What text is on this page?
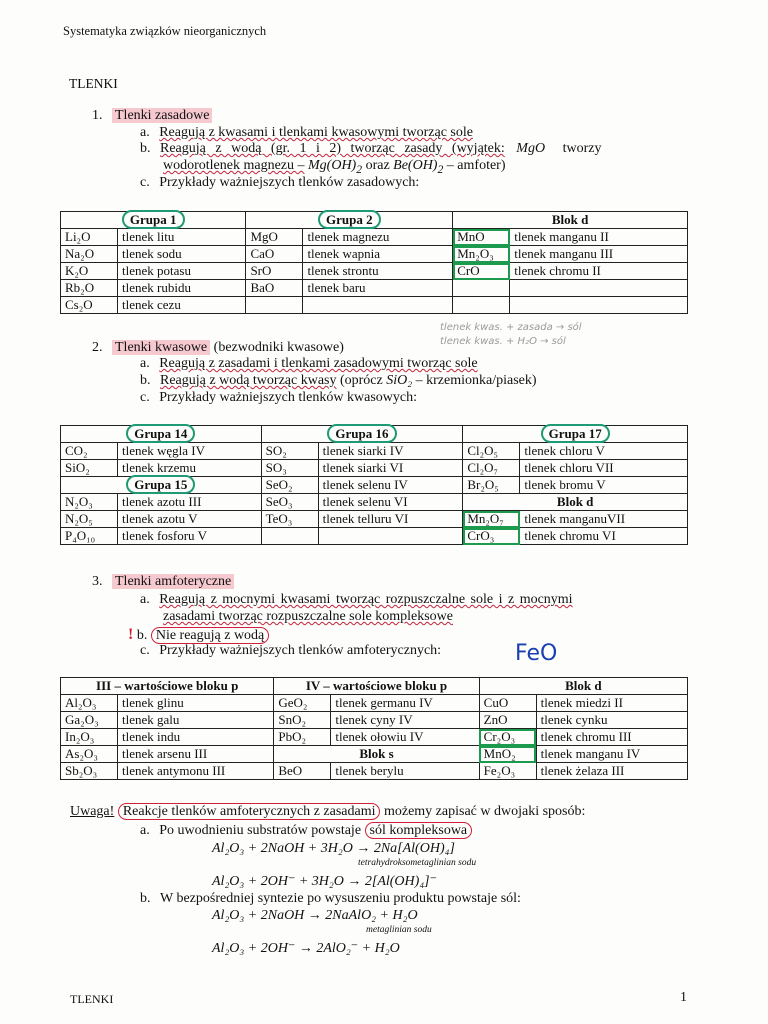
Systematyka związków nieorganicznych
TLENKI
1. Tlenki zasadowe
a. Reagują z kwasami i tlenkami kwasowymi tworząc sole
b. Reagują z wodą (gr. 1 i 2) tworząc zasady (wyjątek: MgO tworzy
wodorotlenek magnezu – $Mg(OH)_2$ oraz $Be(OH)_2$ – amfoter)
c. Przykłady ważniejszych tlenków zasadowych:
Grupa 1		Grupa 2		Blok d	
Li₂O	tlenek litu	MgO	tlenek magnezu	MnO	tlenek manganu II
Na₂O	tlenek sodu	CaO	tlenek wapnia	Mn₂O₃	tlenek manganu III
K₂O	tlenek potasu	SrO	tlenek strontu	CrO	tlenek chromu II
Rb₂O	tlenek rubidu	BaO	tlenek baru		
Cs₂O	tlenek cezu				
tlenek kwas. + zasada → sól
tlenek kwas. + H₂O → sól
2. Tlenki kwasowe (bezwodniki kwasowe)
a. Reagują z zasadami i tlenkami zasadowymi tworząc sole
b. Reagują z wodą tworząc kwasy (oprócz SiO₂ – krzemionka/piasek)
c. Przykłady ważniejszych tlenków kwasowych:
Grupa 14		Grupa 16		Grupa 17	
CO₂	tlenek węgla IV	SO₂	tlenek siarki IV	Cl₂O₅	tlenek chloru V
SiO₂	tlenek krzemu	SO₃	tlenek siarki VI	Cl₂O₇	tlenek chloru VII
Grupa 15		SeO₂	tlenek selenu IV	Br₂O₅	tlenek bromu V
N₂O₃	tlenek azotu III	SeO₃	tlenek selenu VI	Blok d	
N₂O₅	tlenek azotu V	TeO₃	tlenek telluru VI	Mn₂O₇	tlenek manganuVII
P₄O₁₀	tlenek fosforu V			CrO₃	tlenek chromu VI
3. Tlenki amfoteryczne
a. Reagują z mocnymi kwasami tworząc rozpuszczalne sole i z mocnymi
zasadami tworząc rozpuszczalne sole kompleksowe
! b. Nie reagują z wodą
c. Przykłady ważniejszych tlenków amfoterycznych:	FeO
III – wartościowe bloku p		IV – wartościowe bloku p		Blok d	
Al₂O₃	tlenek glinu	GeO₂	tlenek germanu IV	CuO	tlenek miedzi II
Ga₂O₃	tlenek galu	SnO₂	tlenek cyny IV	ZnO	tlenek cynku
In₂O₃	tlenek indu	PbO₂	tlenek ołowiu IV	Cr₂O₃	tlenek chromu III
As₂O₃	tlenek arsenu III	Blok s		MnO₂	tlenek manganu IV
Sb₂O₃	tlenek antymonu III	BeO	tlenek berylu	Fe₂O₃	tlenek żelaza III
Uwaga! Reakcje tlenków amfoterycznych z zasadami możemy zapisać w dwojaki sposób:
a. Po uwodnieniu substratów powstaje sól kompleksowa
Al₂O₃ + 2NaOH + 3H₂O → 2Na[Al(OH)₄]
tetrahydroksometaglinian sodu
Al₂O₃ + 2OH⁻ + 3H₂O → 2[Al(OH)₄]⁻
b. W bezpośredniej syntezie po wysuszeniu produktu powstaje sól:
Al₂O₃ + 2NaOH → 2NaAlO₂ + H₂O
metaglinian sodu
Al₂O₃ + 2OH⁻ → 2AlO₂⁻ + H₂O
TLENKI	1
